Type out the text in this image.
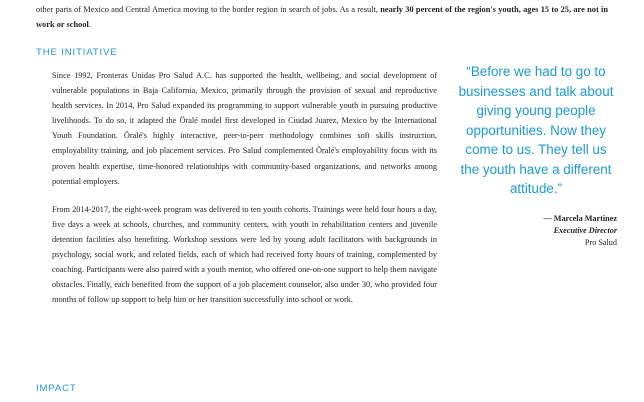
other parts of Mexico and Central America moving to the border region in search of jobs. As a result, nearly 30 percent of the region's youth, ages 15 to 25, are not in work or school.
THE INITIATIVE

Since 1992, Fronteras Unidas Pro Salud A.C. has supported the health, wellbeing, and social development of vulnerable populations in Baja California, Mexico, primarily through the provision of sexual and reproductive health services. In 2014, Pro Salud expanded its programming to support vulnerable youth in pursuing productive livelihoods. To do so, it adapted the Öralé model first developed in Ciudad Juarez, Mexico by the International Youth Foundation. Öralé's highly interactive, peer-to-peer methodology combines soft skills instruction, employability training, and job placement services. Pro Salud complemented Öralé's employability focus with its proven health expertise, time-honored relationships with community-based organizations, and networks among potential employers.

From 2014-2017, the eight-week program was delivered to ten youth cohorts. Trainings were held four hours a day, five days a week at schools, churches, and community centers, with youth in rehabilitation centers and juvenile detention facilities also benefiting. Workshop sessions were led by young adult facilitators with backgrounds in psychology, social work, and related fields, each of which had received forty hours of training, complemented by coaching. Participants were also paired with a youth mentor, who offered one-on-one support to help them navigate obstacles. Finally, each benefited from the support of a job placement counselor, also under 30, who provided four months of follow up support to help him or her transition successfully into school or work.

“Before we had to go to businesses and talk about giving young people opportunities. Now they come to us. They tell us the youth have a different attitude.”
— Marcela Martinez
Executive Director
Pro Salud
IMPACT
